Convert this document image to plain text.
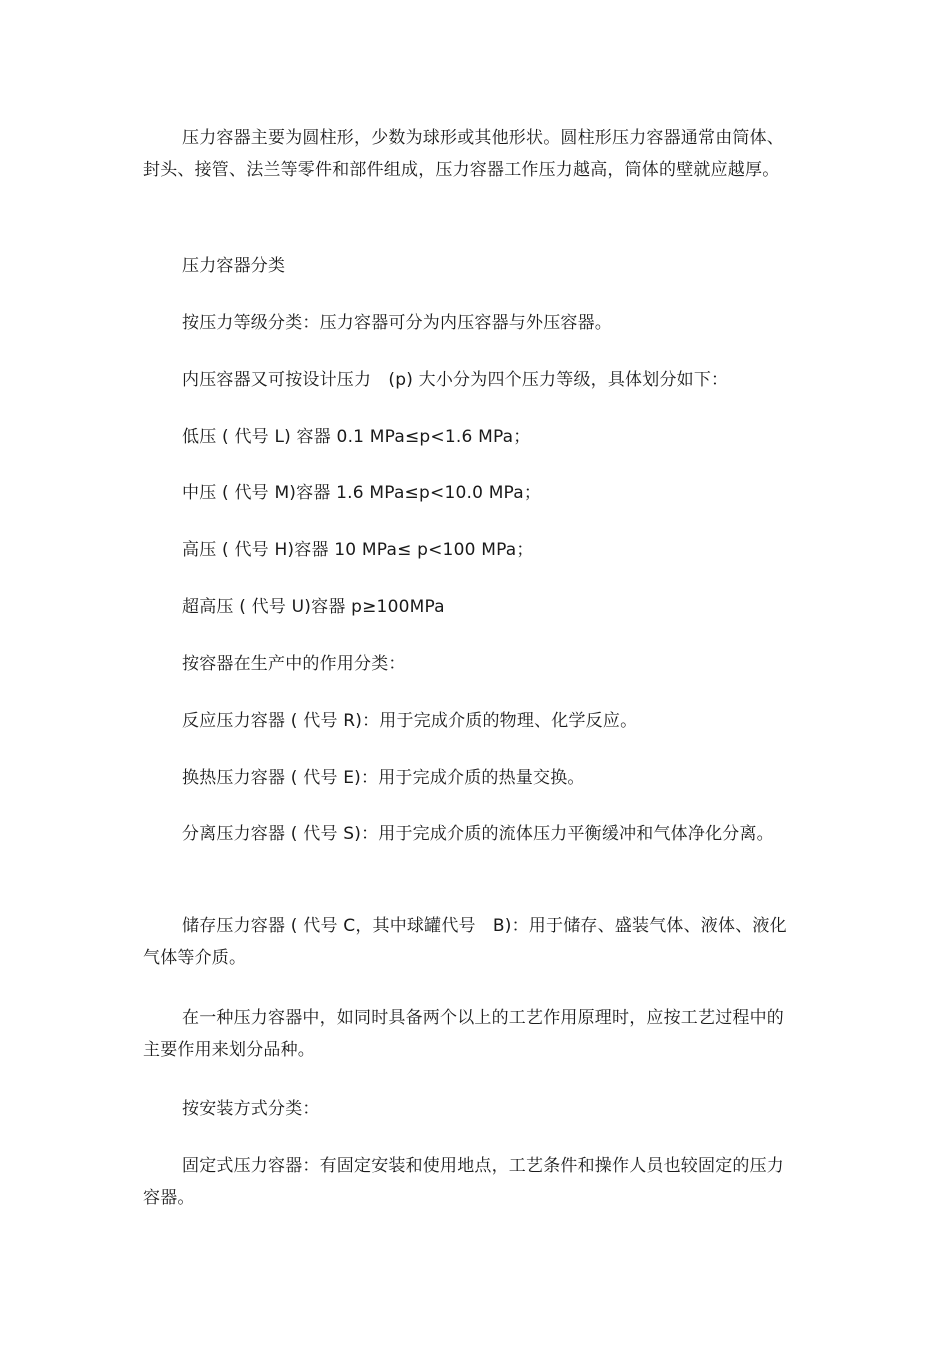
压力容器主要为圆柱形，少数为球形或其他形状。圆柱形压力容器通常由筒体、封头、接管、法兰等零件和部件组成，压力容器工作压力越高，筒体的壁就应越厚。

压力容器分类

按压力等级分类：压力容器可分为内压容器与外压容器。

内压容器又可按设计压力　(p) 大小分为四个压力等级，具体划分如下：

低压 ( 代号 L) 容器 0.1 MPa≤p<1.6 MPa；

中压 ( 代号 M)容器 1.6 MPa≤p<10.0 MPa；

高压 ( 代号 H)容器 10 MPa≤ p<100 MPa；

超高压 ( 代号 U)容器 p≥100MPa

按容器在生产中的作用分类：

反应压力容器 ( 代号 R)：用于完成介质的物理、化学反应。

换热压力容器 ( 代号 E)：用于完成介质的热量交换。

分离压力容器 ( 代号 S)：用于完成介质的流体压力平衡缓冲和气体净化分离。

储存压力容器 ( 代号 C，其中球罐代号　B)：用于储存、盛装气体、液体、液化气体等介质。

在一种压力容器中，如同时具备两个以上的工艺作用原理时，应按工艺过程中的主要作用来划分品种。

按安装方式分类：

固定式压力容器：有固定安装和使用地点，工艺条件和操作人员也较固定的压力容器。
